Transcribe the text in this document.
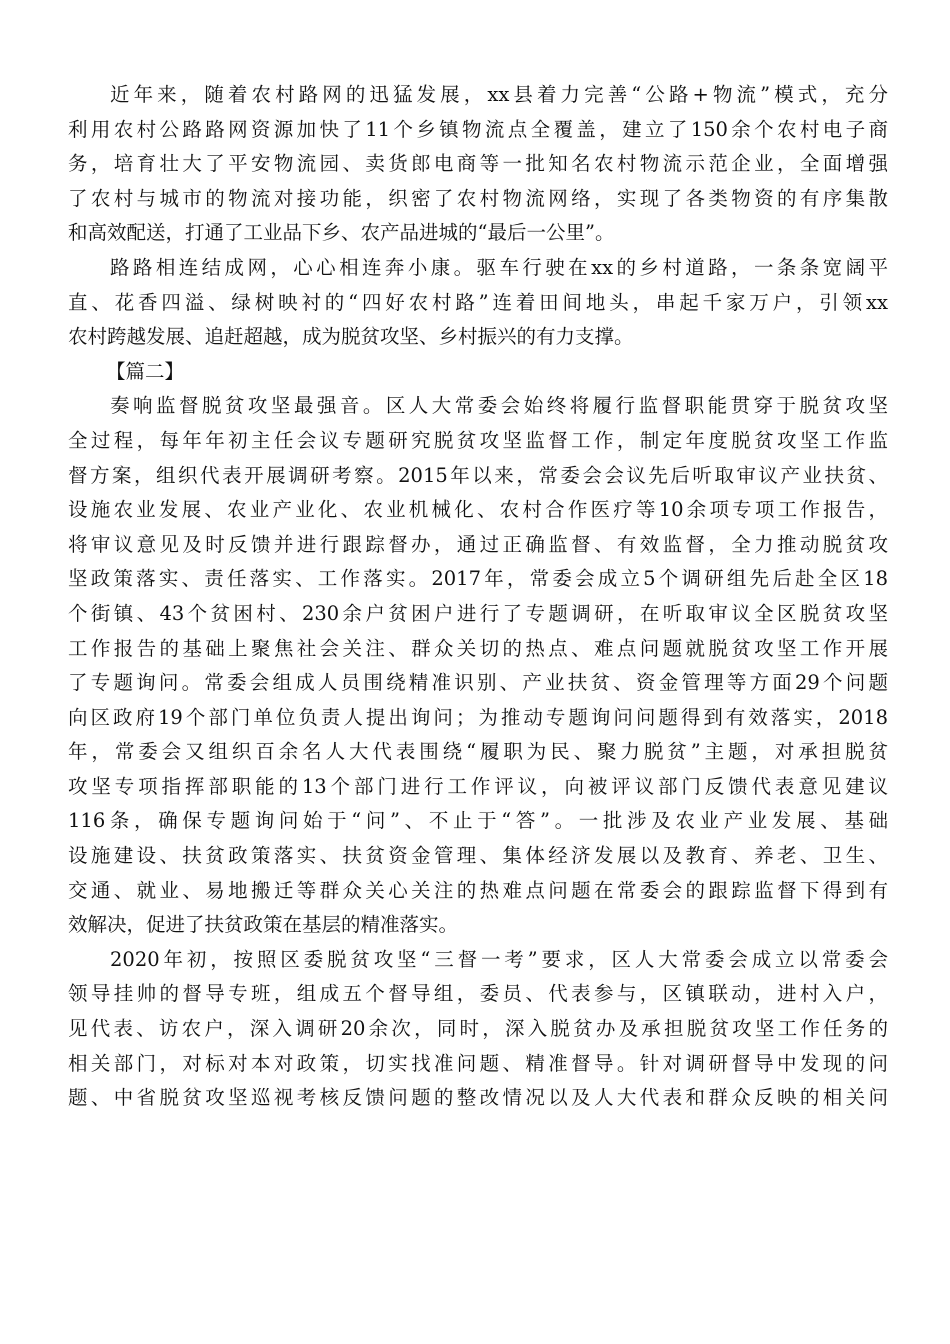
近年来，随着农村路网的迅猛发展，xx县着力完善“公路+物流”模式，充分
利用农村公路路网资源加快了11个乡镇物流点全覆盖，建立了150余个农村电子商
务，培育壮大了平安物流园、卖货郎电商等一批知名农村物流示范企业，全面增强
了农村与城市的物流对接功能，织密了农村物流网络，实现了各类物资的有序集散
和高效配送，打通了工业品下乡、农产品进城的“最后一公里”。
路路相连结成网，心心相连奔小康。驱车行驶在xx的乡村道路，一条条宽阔平
直、花香四溢、绿树映衬的“四好农村路”连着田间地头，串起千家万户，引领xx
农村跨越发展、追赶超越，成为脱贫攻坚、乡村振兴的有力支撑。
【篇二】
奏响监督脱贫攻坚最强音。区人大常委会始终将履行监督职能贯穿于脱贫攻坚
全过程，每年年初主任会议专题研究脱贫攻坚监督工作，制定年度脱贫攻坚工作监
督方案，组织代表开展调研考察。2015年以来，常委会会议先后听取审议产业扶贫、
设施农业发展、农业产业化、农业机械化、农村合作医疗等10余项专项工作报告，
将审议意见及时反馈并进行跟踪督办，通过正确监督、有效监督，全力推动脱贫攻
坚政策落实、责任落实、工作落实。2017年，常委会成立5个调研组先后赴全区18
个街镇、43个贫困村、230余户贫困户进行了专题调研，在听取审议全区脱贫攻坚
工作报告的基础上聚焦社会关注、群众关切的热点、难点问题就脱贫攻坚工作开展
了专题询问。常委会组成人员围绕精准识别、产业扶贫、资金管理等方面29个问题
向区政府19个部门单位负责人提出询问；为推动专题询问问题得到有效落实，2018
年，常委会又组织百余名人大代表围绕“履职为民、聚力脱贫”主题，对承担脱贫
攻坚专项指挥部职能的13个部门进行工作评议，向被评议部门反馈代表意见建议
116条，确保专题询问始于“问”、不止于“答”。一批涉及农业产业发展、基础
设施建设、扶贫政策落实、扶贫资金管理、集体经济发展以及教育、养老、卫生、
交通、就业、易地搬迁等群众关心关注的热难点问题在常委会的跟踪监督下得到有
效解决，促进了扶贫政策在基层的精准落实。
2020年初，按照区委脱贫攻坚“三督一考”要求，区人大常委会成立以常委会
领导挂帅的督导专班，组成五个督导组，委员、代表参与，区镇联动，进村入户，
见代表、访农户，深入调研20余次，同时，深入脱贫办及承担脱贫攻坚工作任务的
相关部门，对标对本对政策，切实找准问题、精准督导。针对调研督导中发现的问
题、中省脱贫攻坚巡视考核反馈问题的整改情况以及人大代表和群众反映的相关问
